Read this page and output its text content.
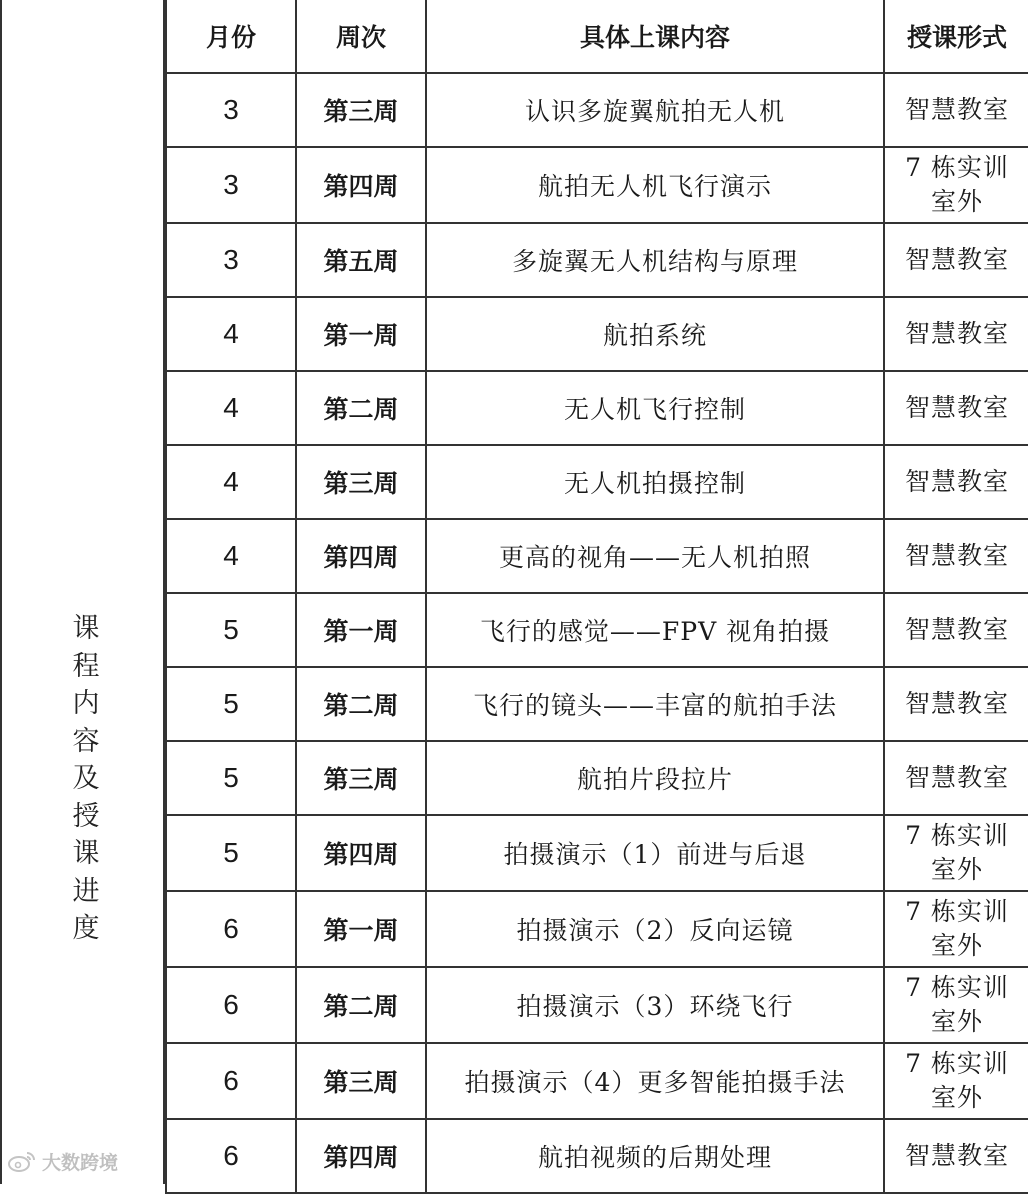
课
程
内
容
及
授
课
进
度
月份	周次	具体上课内容	授课形式
3	第三周	认识多旋翼航拍无人机	智慧教室

3	第四周	航拍无人机飞行演示	7 栋实训室外

3	第五周	多旋翼无人机结构与原理	智慧教室

4	第一周	航拍系统	智慧教室

4	第二周	无人机飞行控制	智慧教室

4	第三周	无人机拍摄控制	智慧教室

4	第四周	更高的视角——无人机拍照	智慧教室

5	第一周	飞行的感觉——FPV 视角拍摄	智慧教室

5	第二周	飞行的镜头——丰富的航拍手法	智慧教室

5	第三周	航拍片段拉片	智慧教室

5	第四周	拍摄演示（1）前进与后退	7 栋实训室外

6	第一周	拍摄演示（2）反向运镜	7 栋实训室外

6	第二周	拍摄演示（3）环绕飞行	7 栋实训室外

6	第三周	拍摄演示（4）更多智能拍摄手法	7 栋实训室外

6	第四周	航拍视频的后期处理	智慧教室
大数跨境
